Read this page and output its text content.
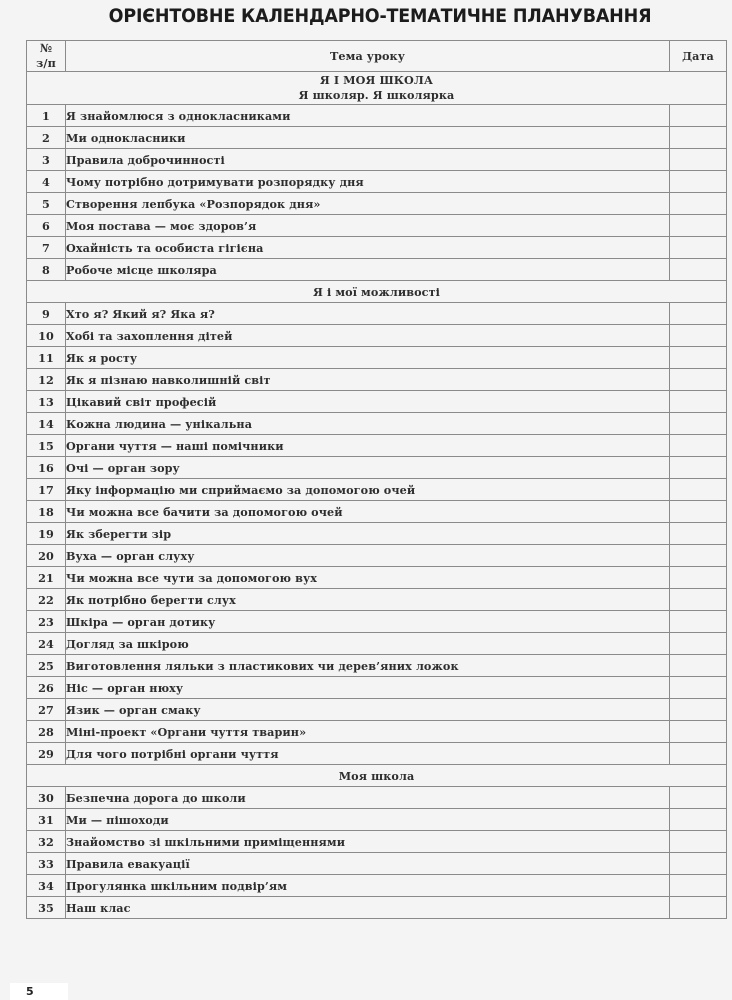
ОРІЄНТОВНЕ КАЛЕНДАРНО-ТЕМАТИЧНЕ ПЛАНУВАННЯ
№
з/п	Тема уроку	Дата
Я І МОЯ ШКОЛА
Я школяр. Я школярка		
1	Я знайомлюся з однокласниками	
2	Ми однокласники	
3	Правила доброчинності	
4	Чому потрібно дотримувати розпорядку дня	
5	Створення лепбука «Розпорядок дня»	
6	Моя постава — моє здоров’я	
7	Охайність та особиста гігієна	
8	Робоче місце школяра	
Я і мої можливості		
9	Хто я? Який я? Яка я?	
10	Хобі та захоплення дітей	
11	Як я росту	
12	Як я пізнаю навколишній світ	
13	Цікавий світ професій	
14	Кожна людина — унікальна	
15	Органи чуття — наші помічники	
16	Очі — орган зору	
17	Яку інформацію ми сприймаємо за допомогою очей	
18	Чи можна все бачити за допомогою очей	
19	Як зберегти зір	
20	Вуха — орган слуху	
21	Чи можна все чути за допомогою вух	
22	Як потрібно берегти слух	
23	Шкіра — орган дотику	
24	Догляд за шкірою	
25	Виготовлення ляльки з пластикових чи дерев’яних ложок	
26	Ніс — орган нюху	
27	Язик — орган смаку	
28	Міні-проект «Органи чуття тварин»	
29	Для чого потрібні органи чуття	
Моя школа		
30	Безпечна дорога до школи	
31	Ми — пішоходи	
32	Знайомство зі шкільними приміщеннями	
33	Правила евакуації	
34	Прогулянка шкільним подвір’ям	
35	Наш клас	
5
